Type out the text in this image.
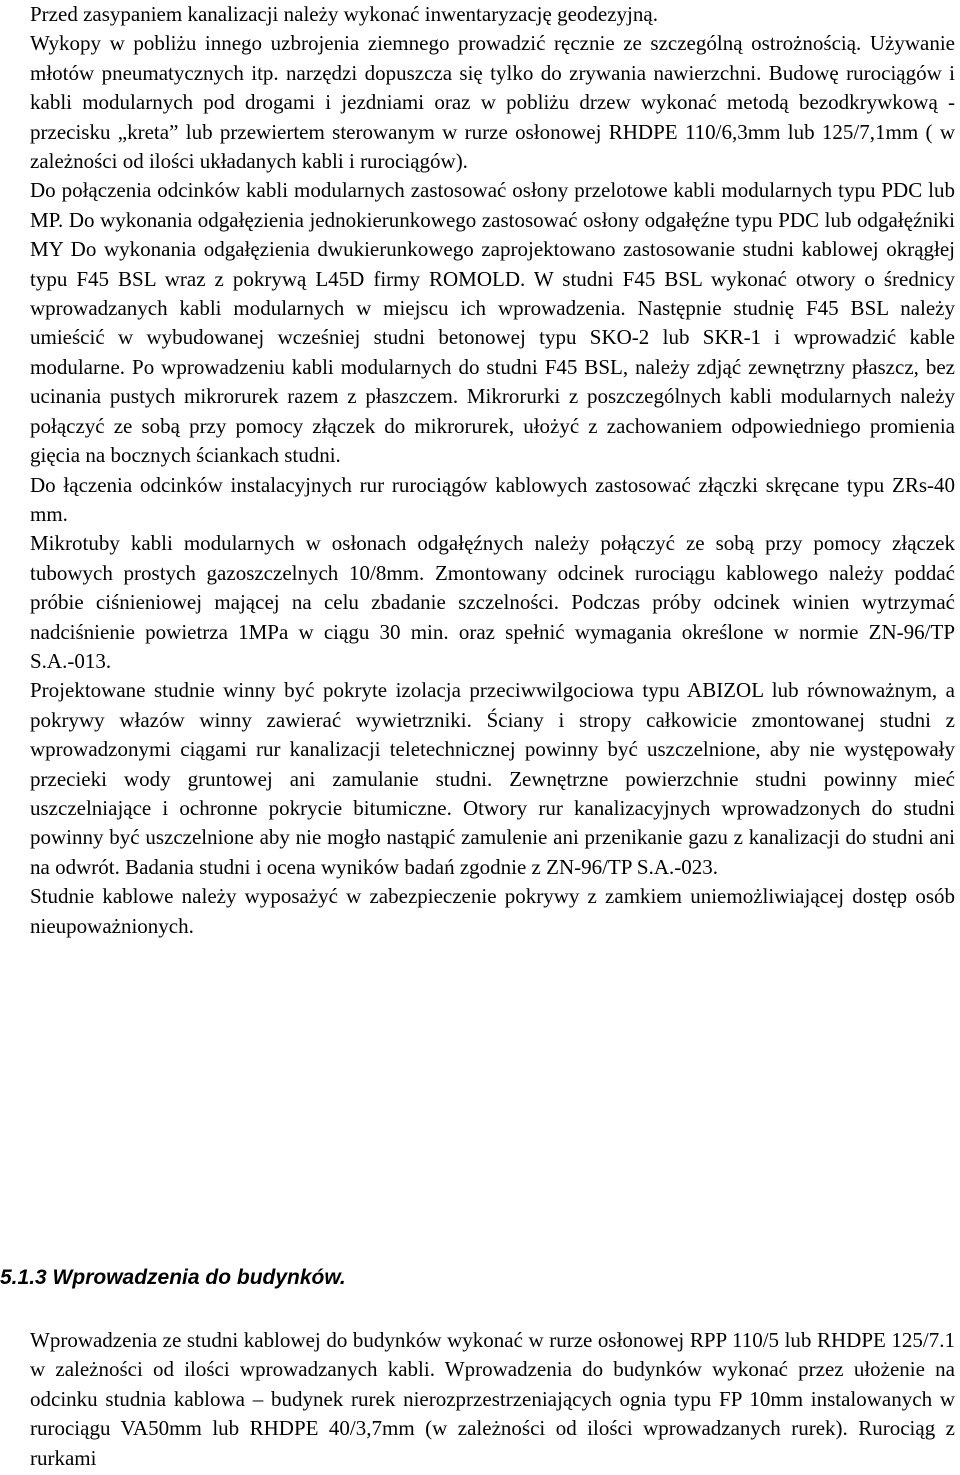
Przed zasypaniem kanalizacji należy wykonać inwentaryzację geodezyjną.

Wykopy w pobliżu innego uzbrojenia ziemnego prowadzić ręcznie ze szczególną ostrożnością. Używanie młotów pneumatycznych itp. narzędzi dopuszcza się tylko do zrywania nawierzchni. Budowę rurociągów i kabli modularnych pod drogami i jezdniami oraz w pobliżu drzew wykonać metodą bezodkrywkową - przecisku „kreta” lub przewiertem sterowanym w rurze osłonowej RHDPE 110/6,3mm lub 125/7,1mm ( w zależności od ilości układanych kabli i rurociągów).

Do połączenia odcinków kabli modularnych zastosować osłony przelotowe kabli modularnych typu PDC lub MP. Do wykonania odgałęzienia jednokierunkowego zastosować osłony odgałęźne typu PDC lub odgałęźniki MY Do wykonania odgałęzienia dwukierunkowego zaprojektowano zastosowanie studni kablowej okrągłej typu F45 BSL wraz z pokrywą L45D firmy ROMOLD. W studni F45 BSL wykonać otwory o średnicy wprowadzanych kabli modularnych w miejscu ich wprowadzenia. Następnie studnię F45 BSL należy umieścić w wybudowanej wcześniej studni betonowej typu SKO-2 lub SKR-1 i wprowadzić kable modularne. Po wprowadzeniu kabli modularnych do studni F45 BSL, należy zdjąć zewnętrzny płaszcz, bez ucinania pustych mikrorurek razem z płaszczem. Mikrorurki z poszczególnych kabli modularnych należy połączyć ze sobą przy pomocy złączek do mikrorurek, ułożyć z zachowaniem odpowiedniego promienia gięcia na bocznych ściankach studni.

Do łączenia odcinków instalacyjnych rur rurociągów kablowych zastosować złączki skręcane typu ZRs-40 mm.

Mikrotuby kabli modularnych w osłonach odgałęźnych należy połączyć ze sobą przy pomocy złączek tubowych prostych gazoszczelnych 10/8mm. Zmontowany odcinek rurociągu kablowego należy poddać próbie ciśnieniowej mającej na celu zbadanie szczelności. Podczas próby odcinek winien wytrzymać nadciśnienie powietrza 1MPa w ciągu 30 min. oraz spełnić wymagania określone w normie ZN-96/TP S.A.-013.

Projektowane studnie winny być pokryte izolacja przeciwwilgociowa typu ABIZOL lub równoważnym, a pokrywy włazów winny zawierać wywietrzniki. Ściany i stropy całkowicie zmontowanej studni z wprowadzonymi ciągami rur kanalizacji teletechnicznej powinny być uszczelnione, aby nie występowały przecieki wody gruntowej ani zamulanie studni. Zewnętrzne powierzchnie studni powinny mieć uszczelniające i ochronne pokrycie bitumiczne. Otwory rur kanalizacyjnych wprowadzonych do studni powinny być uszczelnione aby nie mogło nastąpić zamulenie ani przenikanie gazu z kanalizacji do studni ani na odwrót. Badania studni i ocena wyników badań zgodnie z ZN-96/TP S.A.-023.

Studnie kablowe należy wyposażyć w zabezpieczenie pokrywy z zamkiem uniemożliwiającej dostęp osób nieupoważnionych.

5.1.3 Wprowadzenia do budynków.

Wprowadzenia ze studni kablowej do budynków wykonać w rurze osłonowej RPP 110/5 lub RHDPE 125/7.1 w zależności od ilości wprowadzanych kabli. Wprowadzenia do budynków wykonać przez ułożenie na odcinku studnia kablowa – budynek rurek nierozprzestrzeniających ognia typu FP 10mm instalowanych w rurociągu VA50mm lub RHDPE 40/3,7mm (w zależności od ilości wprowadzanych rurek). Rurociąg z rurkami
